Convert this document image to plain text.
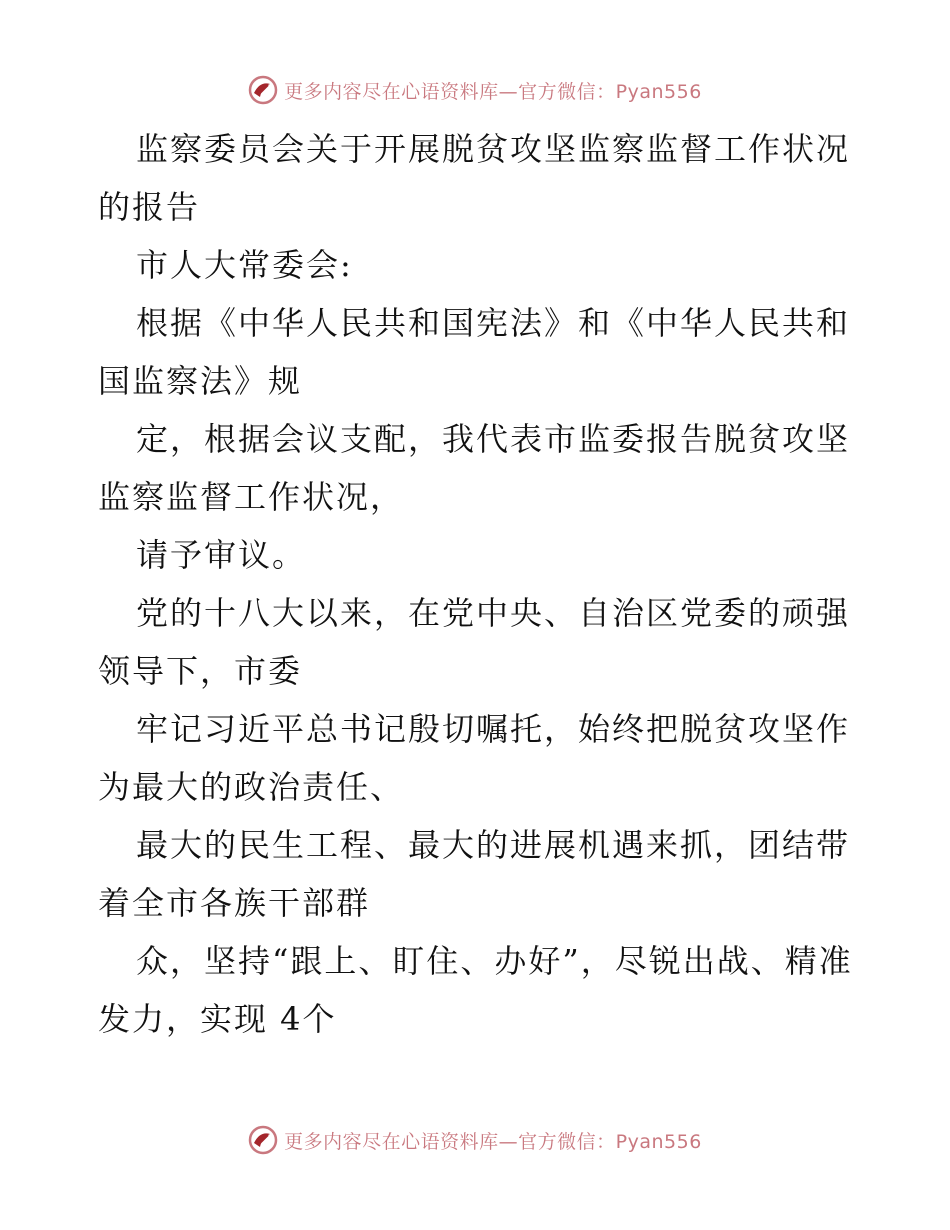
更多内容尽在心语资料库—官方微信：Pyan556

监察委员会关于开展脱贫攻坚监察监督工作状况的报告

市人大常委会:

根据《中华人民共和国宪法》和《中华人民共和国监察法》规

定，根据会议支配，我代表市监委报告脱贫攻坚监察监督工作状况，

请予审议。

党的十八大以来，在党中央、自治区党委的顽强领导下，市委

牢记习近平总书记殷切嘱托，始终把脱贫攻坚作为最大的政治责任、

最大的民生工程、最大的进展机遇来抓，团结带着全市各族干部群

众，坚持“跟上、盯住、办好”，尽锐出战、精准发力，实现 4个

更多内容尽在心语资料库—官方微信：Pyan556
